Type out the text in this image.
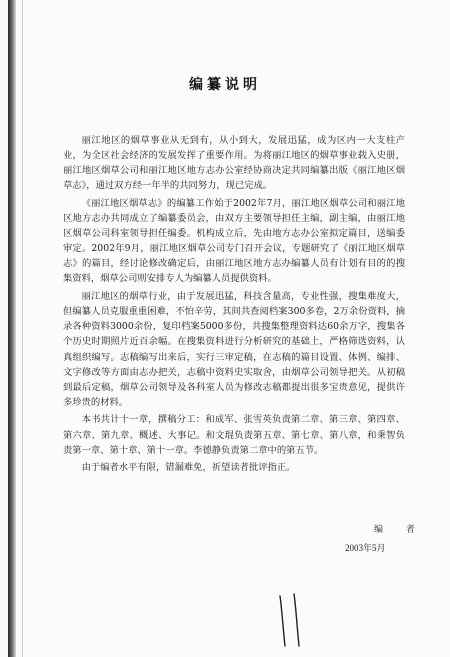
编纂说明

丽江地区的烟草事业从无到有，从小到大，发展迅猛，成为区内一大支柱产业，为全区社会经济的发展发挥了重要作用。为将丽江地区的烟草事业载入史册，丽江地区烟草公司和丽江地区地方志办公室经协商决定共同编纂出版《丽江地区烟草志》，通过双方经一年半的共同努力，现已完成。

《丽江地区烟草志》的编纂工作始于2002年7月，丽江地区烟草公司和丽江地区地方志办共同成立了编纂委员会，由双方主要领导担任主编，副主编，由丽江地区烟草公司科室领导担任编委。机构成立后，先由地方志办公室拟定篇目，送编委审定。2002年9月，丽江地区烟草公司专门召开会议，专题研究了《丽江地区烟草志》的篇目，经讨论修改确定后，由丽江地区地方志办编纂人员有计划有目的的搜集资料，烟草公司则安排专人为编纂人员提供资料。

丽江地区的烟草行业，由于发展迅猛，科技含量高，专业性强，搜集难度大，但编纂人员克服重重困难，不怕辛劳，其间共查阅档案300多卷，2万余份资料，摘录各种资料3000余份，复印档案5000多份，共搜集整理资料达60余万字，搜集各个历史时期照片近百余幅。在搜集资料进行分析研究的基础上，严格筛选资料，认真组织编写。志稿编写出来后，实行三审定稿，在志稿的篇目设置、体例、编排、文字修改等方面由志办把关，志稿中资料史实取舍，由烟草公司领导把关。从初稿到最后定稿，烟草公司领导及各科室人员为修改志稿都提出很多宝贵意见，提供许多珍贵的材料。

本书共计十一章，撰稿分工：和成军、张雪英负责第二章、第三章、第四章、第六章、第九章、概述、大事记。和文琨负责第五章、第七章、第八章，和秉智负责第一章、第十章、第十一章。李德静负责第二章中的第五节。

由于编者水平有限，错漏难免，祈望读者批评指正。

编 者
2003年5月
